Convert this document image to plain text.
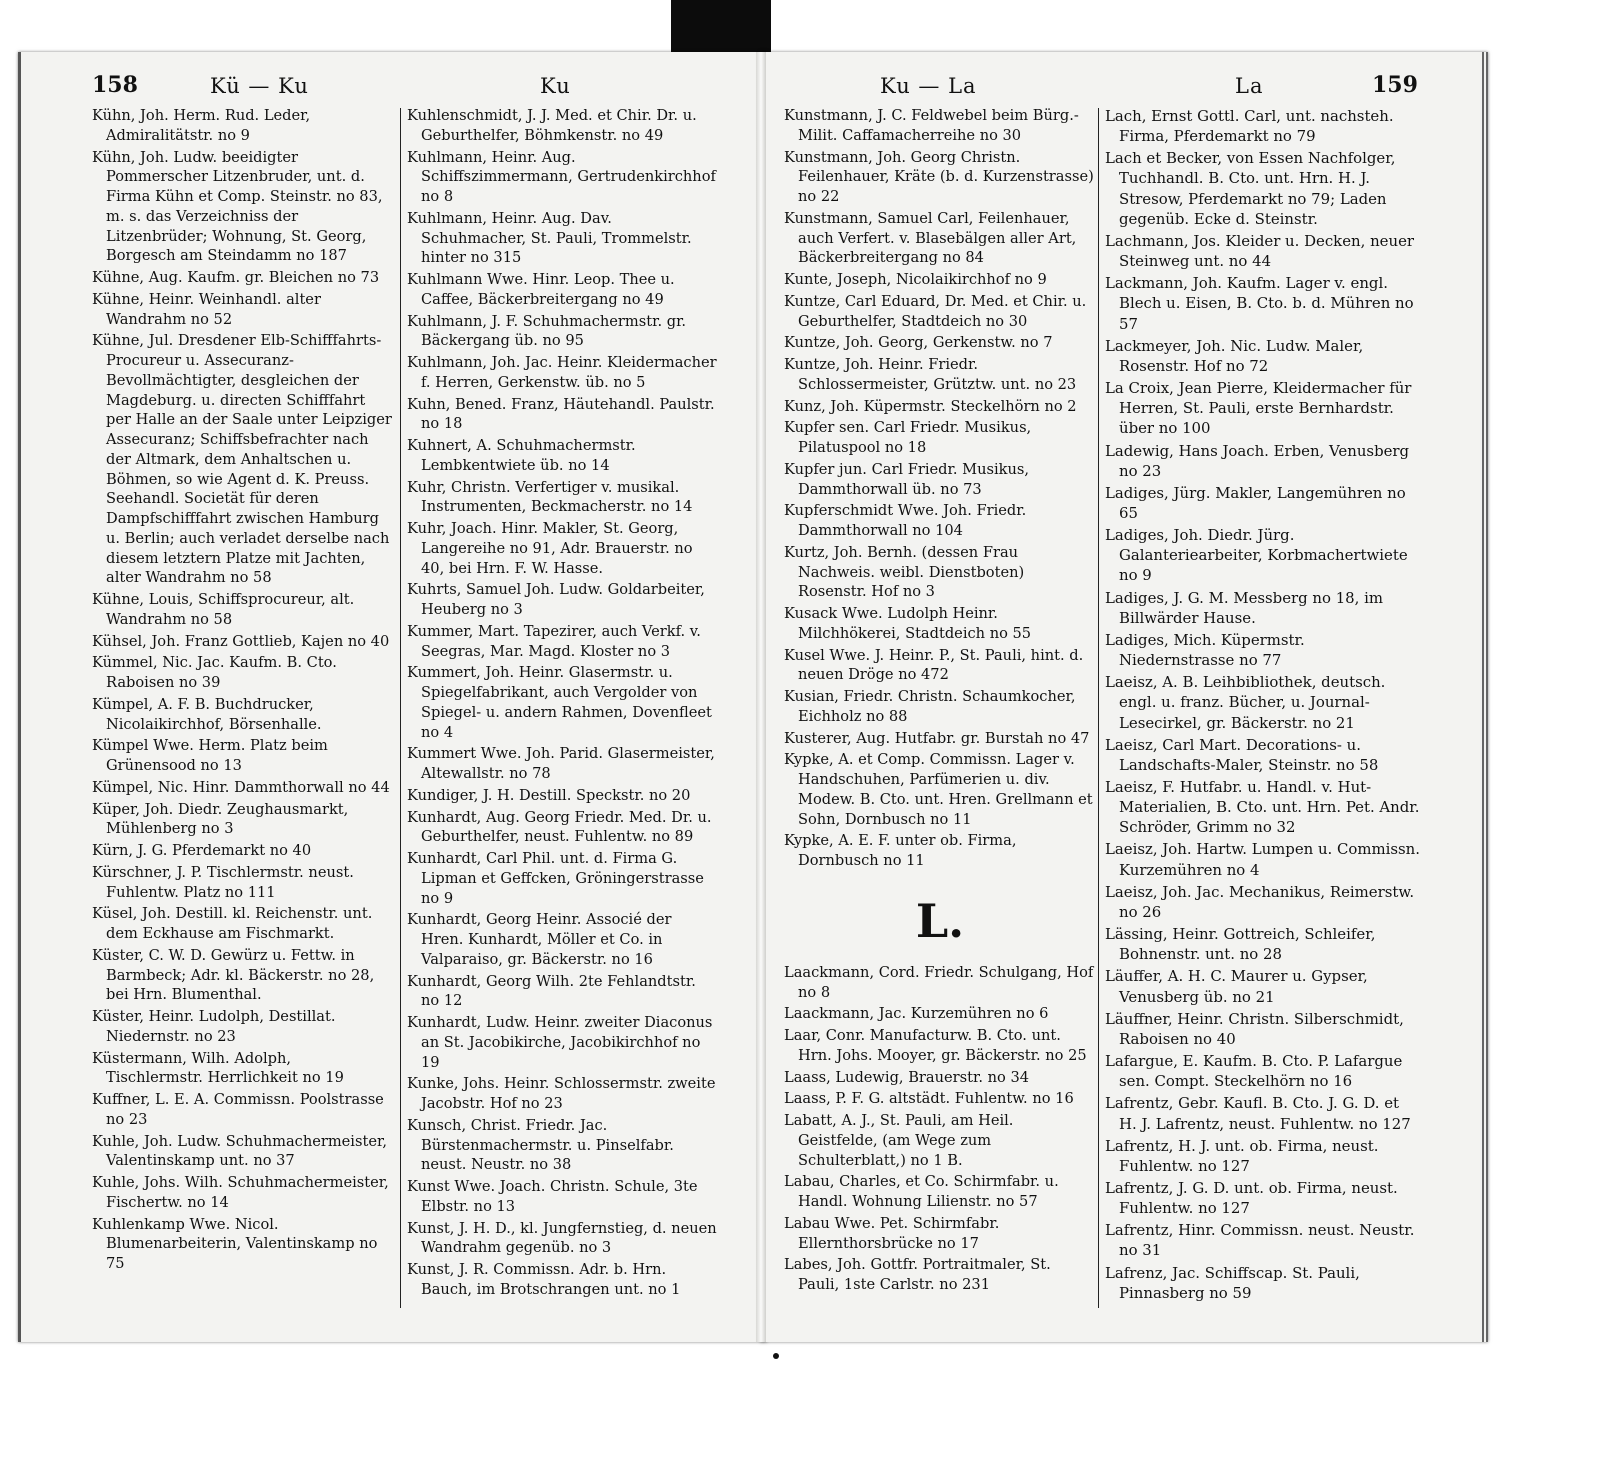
158	Kü — Ku	Ku	Ku — La	La	159
Kühn, Joh. Herm. Rud. Leder, Admiralitätstr. no 9
Kühn, Joh. Ludw. beeidigter Pommerscher Litzenbruder, unt. d. Firma Kühn et Comp. Steinstr. no 83, m. s. das Verzeichniss der Litzenbrüder; Wohnung, St. Georg, Borgesch am Steindamm no 187
Kühne, Aug. Kaufm. gr. Bleichen no 73
Kühne, Heinr. Weinhandl. alter Wandrahm no 52
Kühne, Jul. Dresdener Elb-Schifffahrts-Procureur u. Assecuranz-Bevollmächtigter, desgleichen der Magdeburg. u. directen Schifffahrt per Halle an der Saale unter Leipziger Assecuranz; Schiffsbefrachter nach der Altmark, dem Anhaltschen u. Böhmen, so wie Agent d. K. Preuss. Seehandl. Societät für deren Dampfschifffahrt zwischen Hamburg u. Berlin; auch verladet derselbe nach diesem letztern Platze mit Jachten, alter Wandrahm no 58
Kühne, Louis, Schiffsprocureur, alt. Wandrahm no 58
Kühsel, Joh. Franz Gottlieb, Kajen no 40
Kümmel, Nic. Jac. Kaufm. B. Cto. Raboisen no 39
Kümpel, A. F. B. Buchdrucker, Nicolaikirchhof, Börsenhalle.
Kümpel Wwe. Herm. Platz beim Grünensood no 13
Kümpel, Nic. Hinr. Dammthorwall no 44
Küper, Joh. Diedr. Zeughausmarkt, Mühlenberg no 3
Kürn, J. G. Pferdemarkt no 40
Kürschner, J. P. Tischlermstr. neust. Fuhlentw. Platz no 111
Küsel, Joh. Destill. kl. Reichenstr. unt. dem Eckhause am Fischmarkt.
Küster, C. W. D. Gewürz u. Fettw. in Barmbeck; Adr. kl. Bäckerstr. no 28, bei Hrn. Blumenthal.
Küster, Heinr. Ludolph, Destillat. Niedernstr. no 23
Küstermann, Wilh. Adolph, Tischlermstr. Herrlichkeit no 19
Kuffner, L. E. A. Commissn. Poolstrasse no 23
Kuhle, Joh. Ludw. Schuhmachermeister, Valentinskamp unt. no 37
Kuhle, Johs. Wilh. Schuhmachermeister, Fischertw. no 14
Kuhlenkamp Wwe. Nicol. Blumenarbeiterin, Valentinskamp no 75
Kuhlenschmidt, J. J. Med. et Chir. Dr. u. Geburthelfer, Böhmkenstr. no 49
Kuhlmann, Heinr. Aug. Schiffszimmermann, Gertrudenkirchhof no 8
Kuhlmann, Heinr. Aug. Dav. Schuhmacher, St. Pauli, Trommelstr. hinter no 315
Kuhlmann Wwe. Hinr. Leop. Thee u. Caffee, Bäckerbreitergang no 49
Kuhlmann, J. F. Schuhmachermstr. gr. Bäckergang üb. no 95
Kuhlmann, Joh. Jac. Heinr. Kleidermacher f. Herren, Gerkenstw. üb. no 5
Kuhn, Bened. Franz, Häutehandl. Paulstr. no 18
Kuhnert, A. Schuhmachermstr. Lembkentwiete üb. no 14
Kuhr, Christn. Verfertiger v. musikal. Instrumenten, Beckmacherstr. no 14
Kuhr, Joach. Hinr. Makler, St. Georg, Langereihe no 91, Adr. Brauerstr. no 40, bei Hrn. F. W. Hasse.
Kuhrts, Samuel Joh. Ludw. Goldarbeiter, Heuberg no 3
Kummer, Mart. Tapezirer, auch Verkf. v. Seegras, Mar. Magd. Kloster no 3
Kummert, Joh. Heinr. Glasermstr. u. Spiegelfabrikant, auch Vergolder von Spiegel- u. andern Rahmen, Dovenfleet no 4
Kummert Wwe. Joh. Parid. Glasermeister, Altewallstr. no 78
Kundiger, J. H. Destill. Speckstr. no 20
Kunhardt, Aug. Georg Friedr. Med. Dr. u. Geburthelfer, neust. Fuhlentw. no 89
Kunhardt, Carl Phil. unt. d. Firma G. Lipman et Geffcken, Gröningerstrasse no 9
Kunhardt, Georg Heinr. Associé der Hren. Kunhardt, Möller et Co. in Valparaiso, gr. Bäckerstr. no 16
Kunhardt, Georg Wilh. 2te Fehlandtstr. no 12
Kunhardt, Ludw. Heinr. zweiter Diaconus an St. Jacobikirche, Jacobikirchhof no 19
Kunke, Johs. Heinr. Schlossermstr. zweite Jacobstr. Hof no 23
Kunsch, Christ. Friedr. Jac. Bürstenmachermstr. u. Pinselfabr. neust. Neustr. no 38
Kunst Wwe. Joach. Christn. Schule, 3te Elbstr. no 13
Kunst, J. H. D., kl. Jungfernstieg, d. neuen Wandrahm gegenüb. no 3
Kunst, J. R. Commissn. Adr. b. Hrn. Bauch, im Brotschrangen unt. no 1
Kunstmann, J. C. Feldwebel beim Bürg.-Milit. Caffamacherreihe no 30
Kunstmann, Joh. Georg Christn. Feilenhauer, Kräte (b. d. Kurzenstrasse) no 22
Kunstmann, Samuel Carl, Feilenhauer, auch Verfert. v. Blasebälgen aller Art, Bäckerbreitergang no 84
Kunte, Joseph, Nicolaikirchhof no 9
Kuntze, Carl Eduard, Dr. Med. et Chir. u. Geburthelfer, Stadtdeich no 30
Kuntze, Joh. Georg, Gerkenstw. no 7
Kuntze, Joh. Heinr. Friedr. Schlossermeister, Grütztw. unt. no 23
Kunz, Joh. Küpermstr. Steckelhörn no 2
Kupfer sen. Carl Friedr. Musikus, Pilatuspool no 18
Kupfer jun. Carl Friedr. Musikus, Dammthorwall üb. no 73
Kupferschmidt Wwe. Joh. Friedr. Dammthorwall no 104
Kurtz, Joh. Bernh. (dessen Frau Nachweis. weibl. Dienstboten) Rosenstr. Hof no 3
Kusack Wwe. Ludolph Heinr. Milchhökerei, Stadtdeich no 55
Kusel Wwe. J. Heinr. P., St. Pauli, hint. d. neuen Dröge no 472
Kusian, Friedr. Christn. Schaumkocher, Eichholz no 88
Kusterer, Aug. Hutfabr. gr. Burstah no 47
Kypke, A. et Comp. Commissn. Lager v. Handschuhen, Parfümerien u. div. Modew. B. Cto. unt. Hren. Grellmann et Sohn, Dornbusch no 11
Kypke, A. E. F. unter ob. Firma, Dornbusch no 11
L.
Laackmann, Cord. Friedr. Schulgang, Hof no 8
Laackmann, Jac. Kurzemühren no 6
Laar, Conr. Manufacturw. B. Cto. unt. Hrn. Johs. Mooyer, gr. Bäckerstr. no 25
Laass, Ludewig, Brauerstr. no 34
Laass, P. F. G. altstädt. Fuhlentw. no 16
Labatt, A. J., St. Pauli, am Heil. Geistfelde, (am Wege zum Schulterblatt,) no 1 B.
Labau, Charles, et Co. Schirmfabr. u. Handl. Wohnung Lilienstr. no 57
Labau Wwe. Pet. Schirmfabr. Ellernthorsbrücke no 17
Labes, Joh. Gottfr. Portraitmaler, St. Pauli, 1ste Carlstr. no 231
Lach, Ernst Gottl. Carl, unt. nachsteh. Firma, Pferdemarkt no 79
Lach et Becker, von Essen Nachfolger, Tuchhandl. B. Cto. unt. Hrn. H. J. Stresow, Pferdemarkt no 79; Laden gegenüb. Ecke d. Steinstr.
Lachmann, Jos. Kleider u. Decken, neuer Steinweg unt. no 44
Lackmann, Joh. Kaufm. Lager v. engl. Blech u. Eisen, B. Cto. b. d. Mühren no 57
Lackmeyer, Joh. Nic. Ludw. Maler, Rosenstr. Hof no 72
La Croix, Jean Pierre, Kleidermacher für Herren, St. Pauli, erste Bernhardstr. über no 100
Ladewig, Hans Joach. Erben, Venusberg no 23
Ladiges, Jürg. Makler, Langemühren no 65
Ladiges, Joh. Diedr. Jürg. Galanteriearbeiter, Korbmachertwiete no 9
Ladiges, J. G. M. Messberg no 18, im Billwärder Hause.
Ladiges, Mich. Küpermstr. Niedernstrasse no 77
Laeisz, A. B. Leihbibliothek, deutsch. engl. u. franz. Bücher, u. Journal-Lesecirkel, gr. Bäckerstr. no 21
Laeisz, Carl Mart. Decorations- u. Landschafts-Maler, Steinstr. no 58
Laeisz, F. Hutfabr. u. Handl. v. Hut-Materialien, B. Cto. unt. Hrn. Pet. Andr. Schröder, Grimm no 32
Laeisz, Joh. Hartw. Lumpen u. Commissn. Kurzemühren no 4
Laeisz, Joh. Jac. Mechanikus, Reimerstw. no 26
Lässing, Heinr. Gottreich, Schleifer, Bohnenstr. unt. no 28
Läuffer, A. H. C. Maurer u. Gypser, Venusberg üb. no 21
Läuffner, Heinr. Christn. Silberschmidt, Raboisen no 40
Lafargue, E. Kaufm. B. Cto. P. Lafargue sen. Compt. Steckelhörn no 16
Lafrentz, Gebr. Kaufl. B. Cto. J. G. D. et H. J. Lafrentz, neust. Fuhlentw. no 127
Lafrentz, H. J. unt. ob. Firma, neust. Fuhlentw. no 127
Lafrentz, J. G. D. unt. ob. Firma, neust. Fuhlentw. no 127
Lafrentz, Hinr. Commissn. neust. Neustr. no 31
Lafrenz, Jac. Schiffscap. St. Pauli, Pinnasberg no 59
